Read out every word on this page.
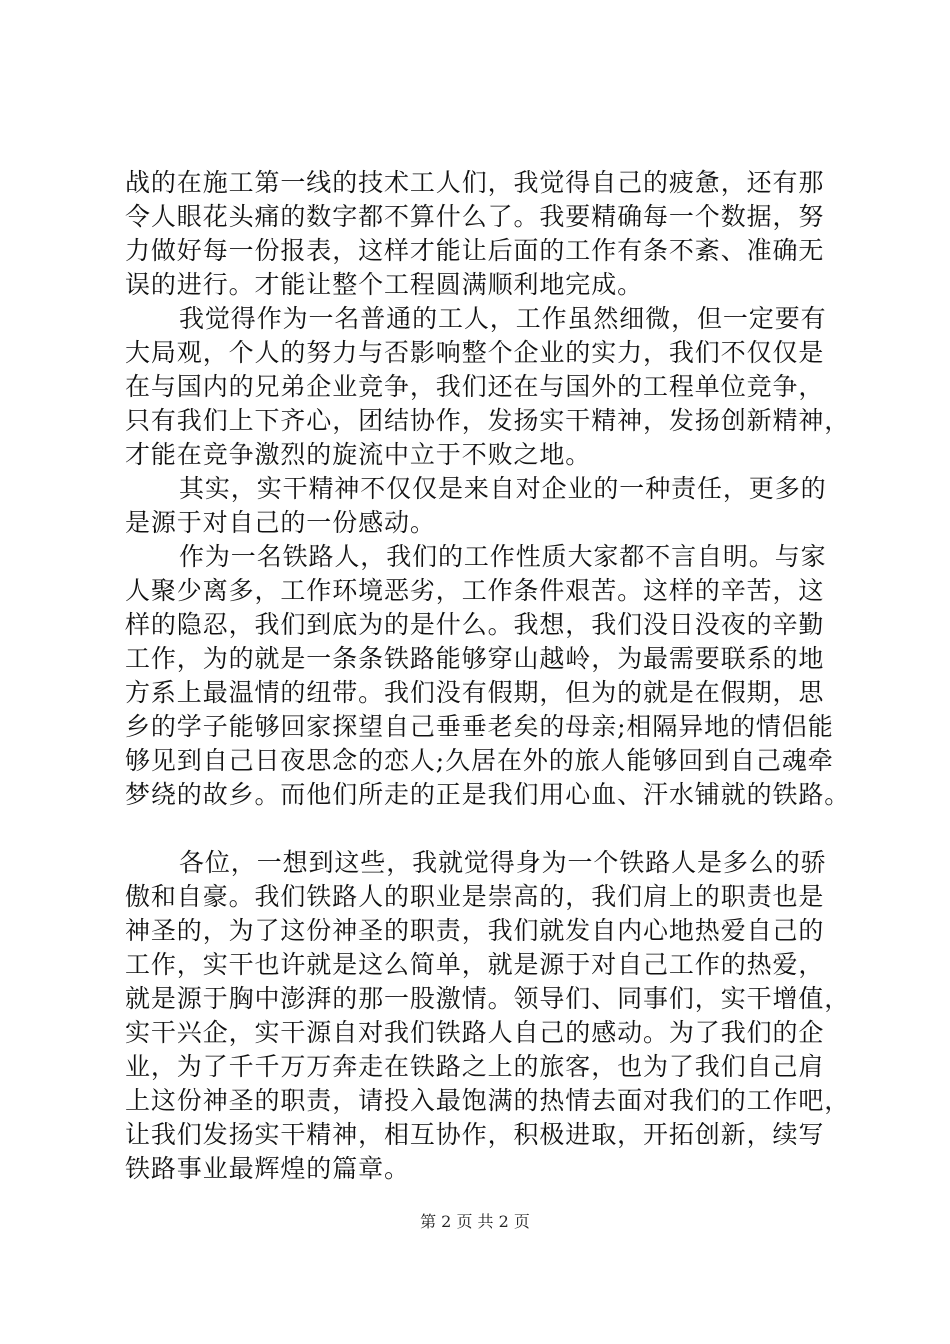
战的在施工第一线的技术工人们，我觉得自己的疲惫，还有那
令人眼花头痛的数字都不算什么了。我要精确每一个数据，努
力做好每一份报表，这样才能让后面的工作有条不紊、准确无
误的进行。才能让整个工程圆满顺利地完成。
我觉得作为一名普通的工人，工作虽然细微，但一定要有
大局观，个人的努力与否影响整个企业的实力，我们不仅仅是
在与国内的兄弟企业竞争，我们还在与国外的工程单位竞争，
只有我们上下齐心，团结协作，发扬实干精神，发扬创新精神，
才能在竞争激烈的旋流中立于不败之地。
其实，实干精神不仅仅是来自对企业的一种责任，更多的
是源于对自己的一份感动。
作为一名铁路人，我们的工作性质大家都不言自明。与家
人聚少离多，工作环境恶劣，工作条件艰苦。这样的辛苦，这
样的隐忍，我们到底为的是什么。我想，我们没日没夜的辛勤
工作，为的就是一条条铁路能够穿山越岭，为最需要联系的地
方系上最温情的纽带。我们没有假期，但为的就是在假期，思
乡的学子能够回家探望自己垂垂老矣的母亲;相隔异地的情侣能
够见到自己日夜思念的恋人;久居在外的旅人能够回到自己魂牵
梦绕的故乡。而他们所走的正是我们用心血、汗水铺就的铁路。
各位，一想到这些，我就觉得身为一个铁路人是多么的骄
傲和自豪。我们铁路人的职业是崇高的，我们肩上的职责也是
神圣的，为了这份神圣的职责，我们就发自内心地热爱自己的
工作，实干也许就是这么简单，就是源于对自己工作的热爱，
就是源于胸中澎湃的那一股激情。领导们、同事们，实干增值，
实干兴企，实干源自对我们铁路人自己的感动。为了我们的企
业，为了千千万万奔走在铁路之上的旅客，也为了我们自己肩
上这份神圣的职责，请投入最饱满的热情去面对我们的工作吧，
让我们发扬实干精神，相互协作，积极进取，开拓创新，续写
铁路事业最辉煌的篇章。
第 2 页 共 2 页
